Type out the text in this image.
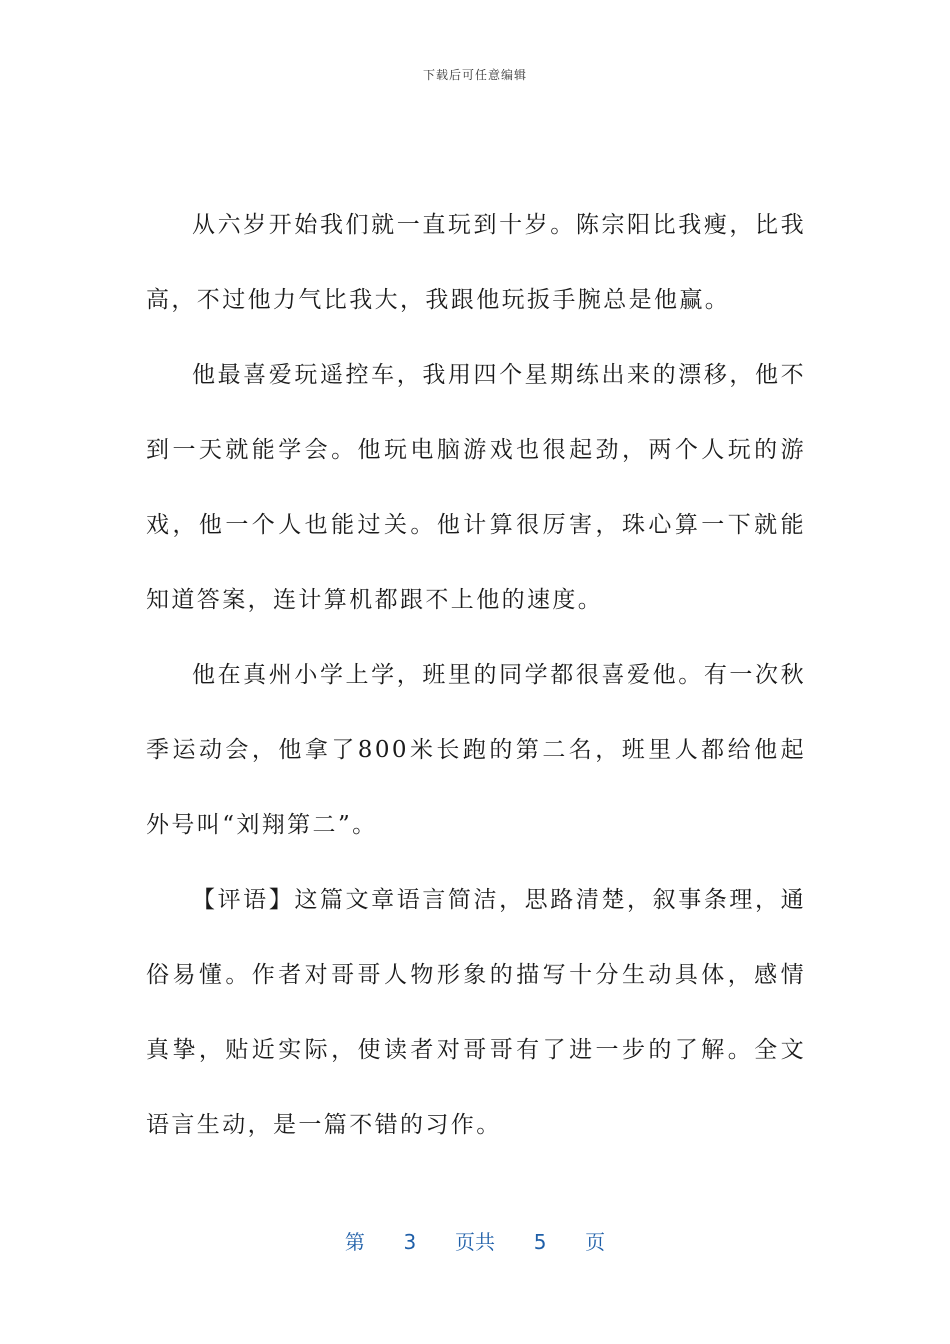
下载后可任意编辑

从六岁开始我们就一直玩到十岁。陈宗阳比我瘦，比我高，不过他力气比我大，我跟他玩扳手腕总是他赢。

他最喜爱玩遥控车，我用四个星期练出来的漂移，他不到一天就能学会。他玩电脑游戏也很起劲，两个人玩的游戏，他一个人也能过关。他计算很厉害，珠心算一下就能知道答案，连计算机都跟不上他的速度。

他在真州小学上学，班里的同学都很喜爱他。有一次秋季运动会，他拿了800米长跑的第二名，班里人都给他起外号叫“刘翔第二”。

【评语】这篇文章语言简洁，思路清楚，叙事条理，通俗易懂。作者对哥哥人物形象的描写十分生动具体，感情真挚，贴近实际，使读者对哥哥有了进一步的了解。全文语言生动，是一篇不错的习作。

第 3 页共 5 页
